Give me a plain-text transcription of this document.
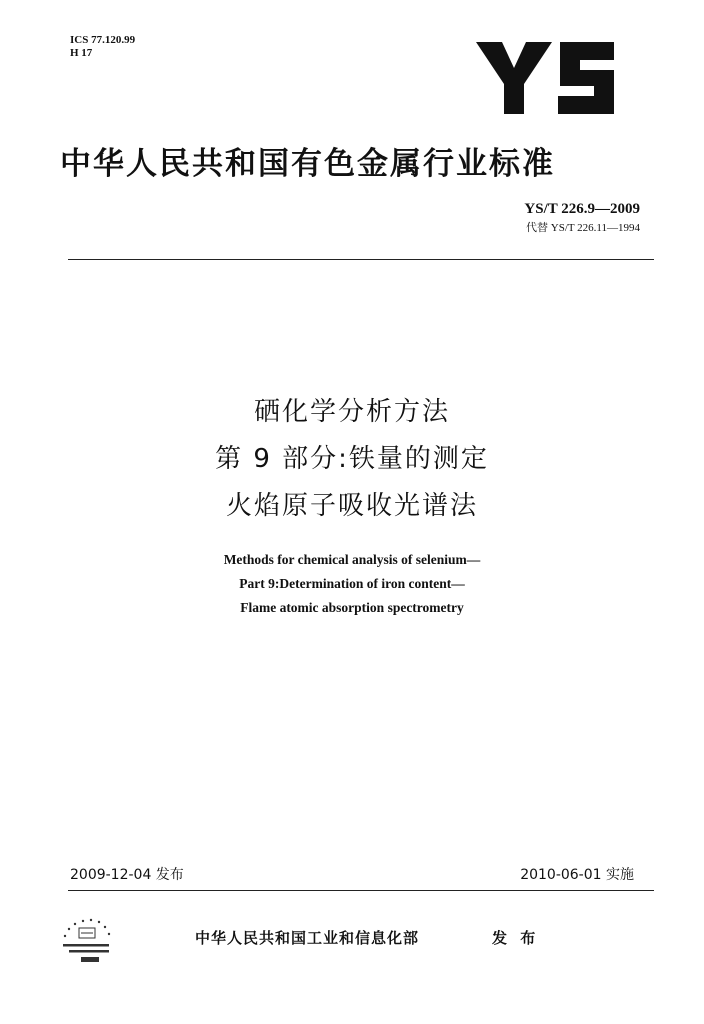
ICS 77.120.99
H 17
中华人民共和国有色金属行业标准
YS/T 226.9—2009
代替 YS/T 226.11—1994
硒化学分析方法
第 9 部分:铁量的测定
火焰原子吸收光谱法
Methods for chemical analysis of selenium—
Part 9:Determination of iron content—
Flame atomic absorption spectrometry
2009-12-04 发布	2010-06-01 实施
中华人民共和国工业和信息化部	发 布
